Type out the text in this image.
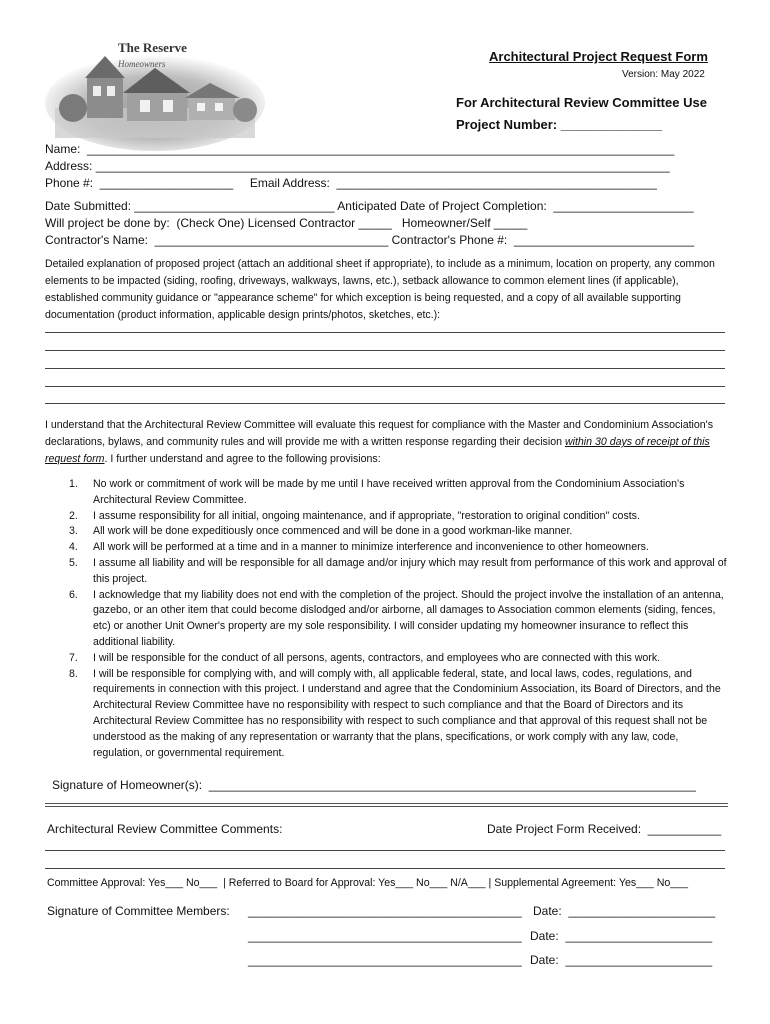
The Reserve
Homeowners	Architectural Project Request Form
Version: May 2022
For Architectural Review Committee Use
Project Number: ______________
Name:  ________________________________________________________________________________________
Address: ______________________________________________________________________________________
Phone #:  ____________________     Email Address:  ________________________________________________
Date Submitted: ______________________________ Anticipated Date of Project Completion:  _____________________
Will project be done by:  (Check One) Licensed Contractor _____   Homeowner/Self _____
Contractor's Name:  ___________________________________ Contractor's Phone #:  ___________________________
Detailed explanation of proposed project (attach an additional sheet if appropriate), to include as a minimum, location on property, any common elements to be impacted (siding, roofing, driveways, walkways, lawns, etc.), setback allowance to common element lines (if applicable), established community guidance or "appearance scheme" for which exception is being requested, and a copy of all available supporting documentation (product information, applicable design prints/photos, sketches, etc.):
I understand that the Architectural Review Committee will evaluate this request for compliance with the Master and Condominium Association's declarations, bylaws, and community rules and will provide me with a written response regarding their decision within 30 days of receipt of this request form. I further understand and agree to the following provisions:
1. No work or commitment of work will be made by me until I have received written approval from the Condominium Association's Architectural Review Committee.
2. I assume responsibility for all initial, ongoing maintenance, and if appropriate, "restoration to original condition" costs.
3. All work will be done expeditiously once commenced and will be done in a good workman-like manner.
4. All work will be performed at a time and in a manner to minimize interference and inconvenience to other homeowners.
5. I assume all liability and will be responsible for all damage and/or injury which may result from performance of this work and approval of this project.
6. I acknowledge that my liability does not end with the completion of the project. Should the project involve the installation of an antenna, gazebo, or an other item that could become dislodged and/or airborne, all damages to Association common elements (siding, fences, etc) or another Unit Owner's property are my sole responsibility. I will consider updating my homeowner insurance to reflect this additional liability.
7. I will be responsible for the conduct of all persons, agents, contractors, and employees who are connected with this work.
8. I will be responsible for complying with, and will comply with, all applicable federal, state, and local laws, codes, regulations, and requirements in connection with this project. I understand and agree that the Condominium Association, its Board of Directors, and the Architectural Review Committee have no responsibility with respect to such compliance and that the Board of Directors and its Architectural Review Committee has no responsibility with respect to such compliance and that approval of this request shall not be understood as the making of any representation or warranty that the plans, specifications, or work comply with any law, code, regulation, or governmental requirement.
Signature of Homeowner(s):  _________________________________________________________________________
Architectural Review Committee Comments:	Date Project Form Received:  ___________
Committee Approval: Yes___ No___  | Referred to Board for Approval: Yes___ No___ N/A___ | Supplemental Agreement: Yes___ No___
Signature of Committee Members: _________________________________________ Date:  ______________________
_________________________________________ Date:  ______________________
_________________________________________ Date:  ______________________
